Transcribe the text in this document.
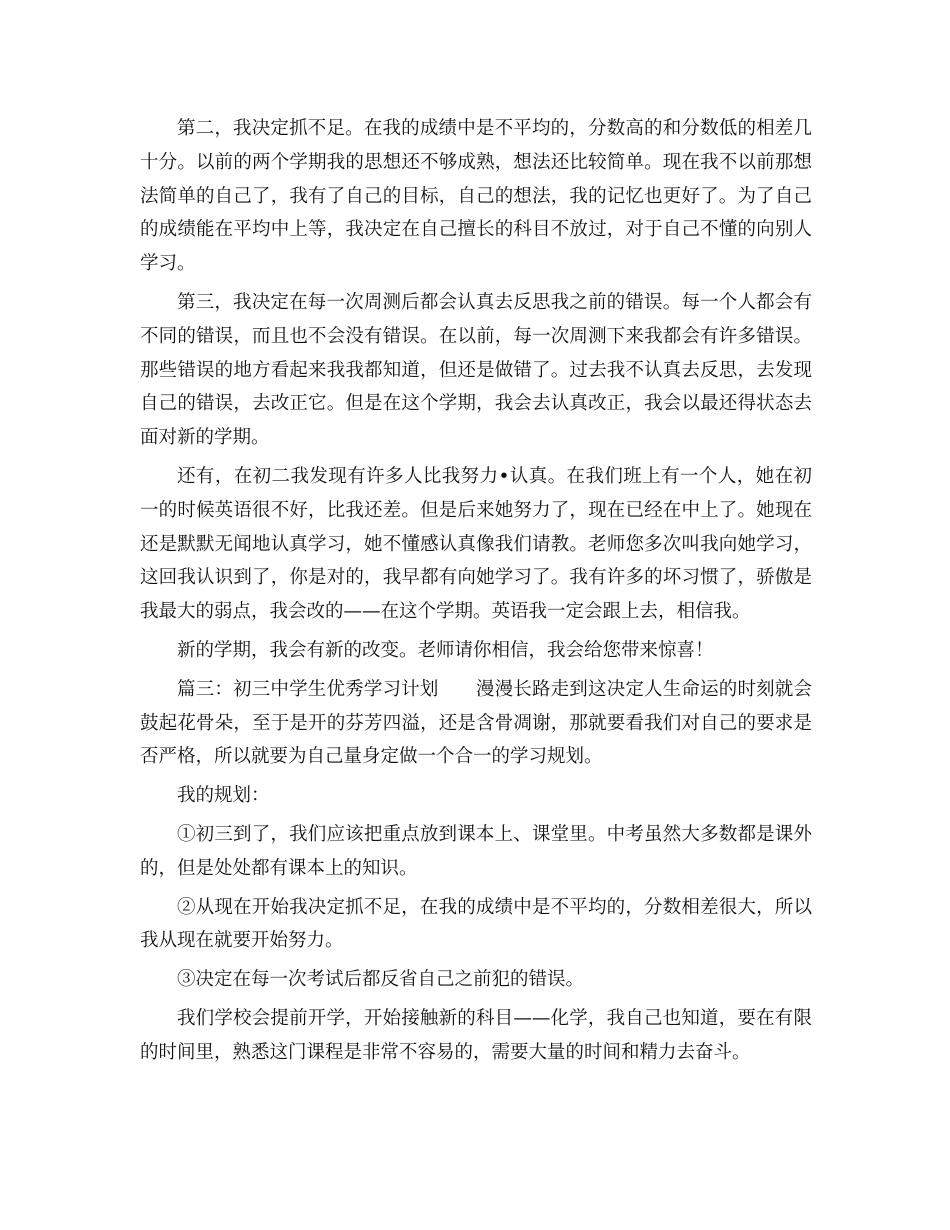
第二，我决定抓不足。在我的成绩中是不平均的，分数高的和分数低的相差几十分。以前的两个学期我的思想还不够成熟，想法还比较简单。现在我不以前那想法简单的自己了，我有了自己的目标，自己的想法，我的记忆也更好了。为了自己的成绩能在平均中上等，我决定在自己擅长的科目不放过，对于自己不懂的向别人学习。

第三，我决定在每一次周测后都会认真去反思我之前的错误。每一个人都会有不同的错误，而且也不会没有错误。在以前，每一次周测下来我都会有许多错误。那些错误的地方看起来我我都知道，但还是做错了。过去我不认真去反思，去发现自己的错误，去改正它。但是在这个学期，我会去认真改正，我会以最还得状态去面对新的学期。

还有，在初二我发现有许多人比我努力•认真。在我们班上有一个人，她在初一的时候英语很不好，比我还差。但是后来她努力了，现在已经在中上了。她现在还是默默无闻地认真学习，她不懂感认真像我们请教。老师您多次叫我向她学习，这回我认识到了，你是对的，我早都有向她学习了。我有许多的坏习惯了，骄傲是我最大的弱点，我会改的——在这个学期。英语我一定会跟上去，相信我。

新的学期，我会有新的改变。老师请你相信，我会给您带来惊喜！

篇三：初三中学生优秀学习计划　　漫漫长路走到这决定人生命运的时刻就会鼓起花骨朵，至于是开的芬芳四溢，还是含骨凋谢，那就要看我们对自己的要求是否严格，所以就要为自己量身定做一个合一的学习规划。

我的规划：

①初三到了，我们应该把重点放到课本上、课堂里。中考虽然大多数都是课外的，但是处处都有课本上的知识。

②从现在开始我决定抓不足，在我的成绩中是不平均的，分数相差很大，所以我从现在就要开始努力。

③决定在每一次考试后都反省自己之前犯的错误。

我们学校会提前开学，开始接触新的科目——化学，我自己也知道，要在有限的时间里，熟悉这门课程是非常不容易的，需要大量的时间和精力去奋斗。
